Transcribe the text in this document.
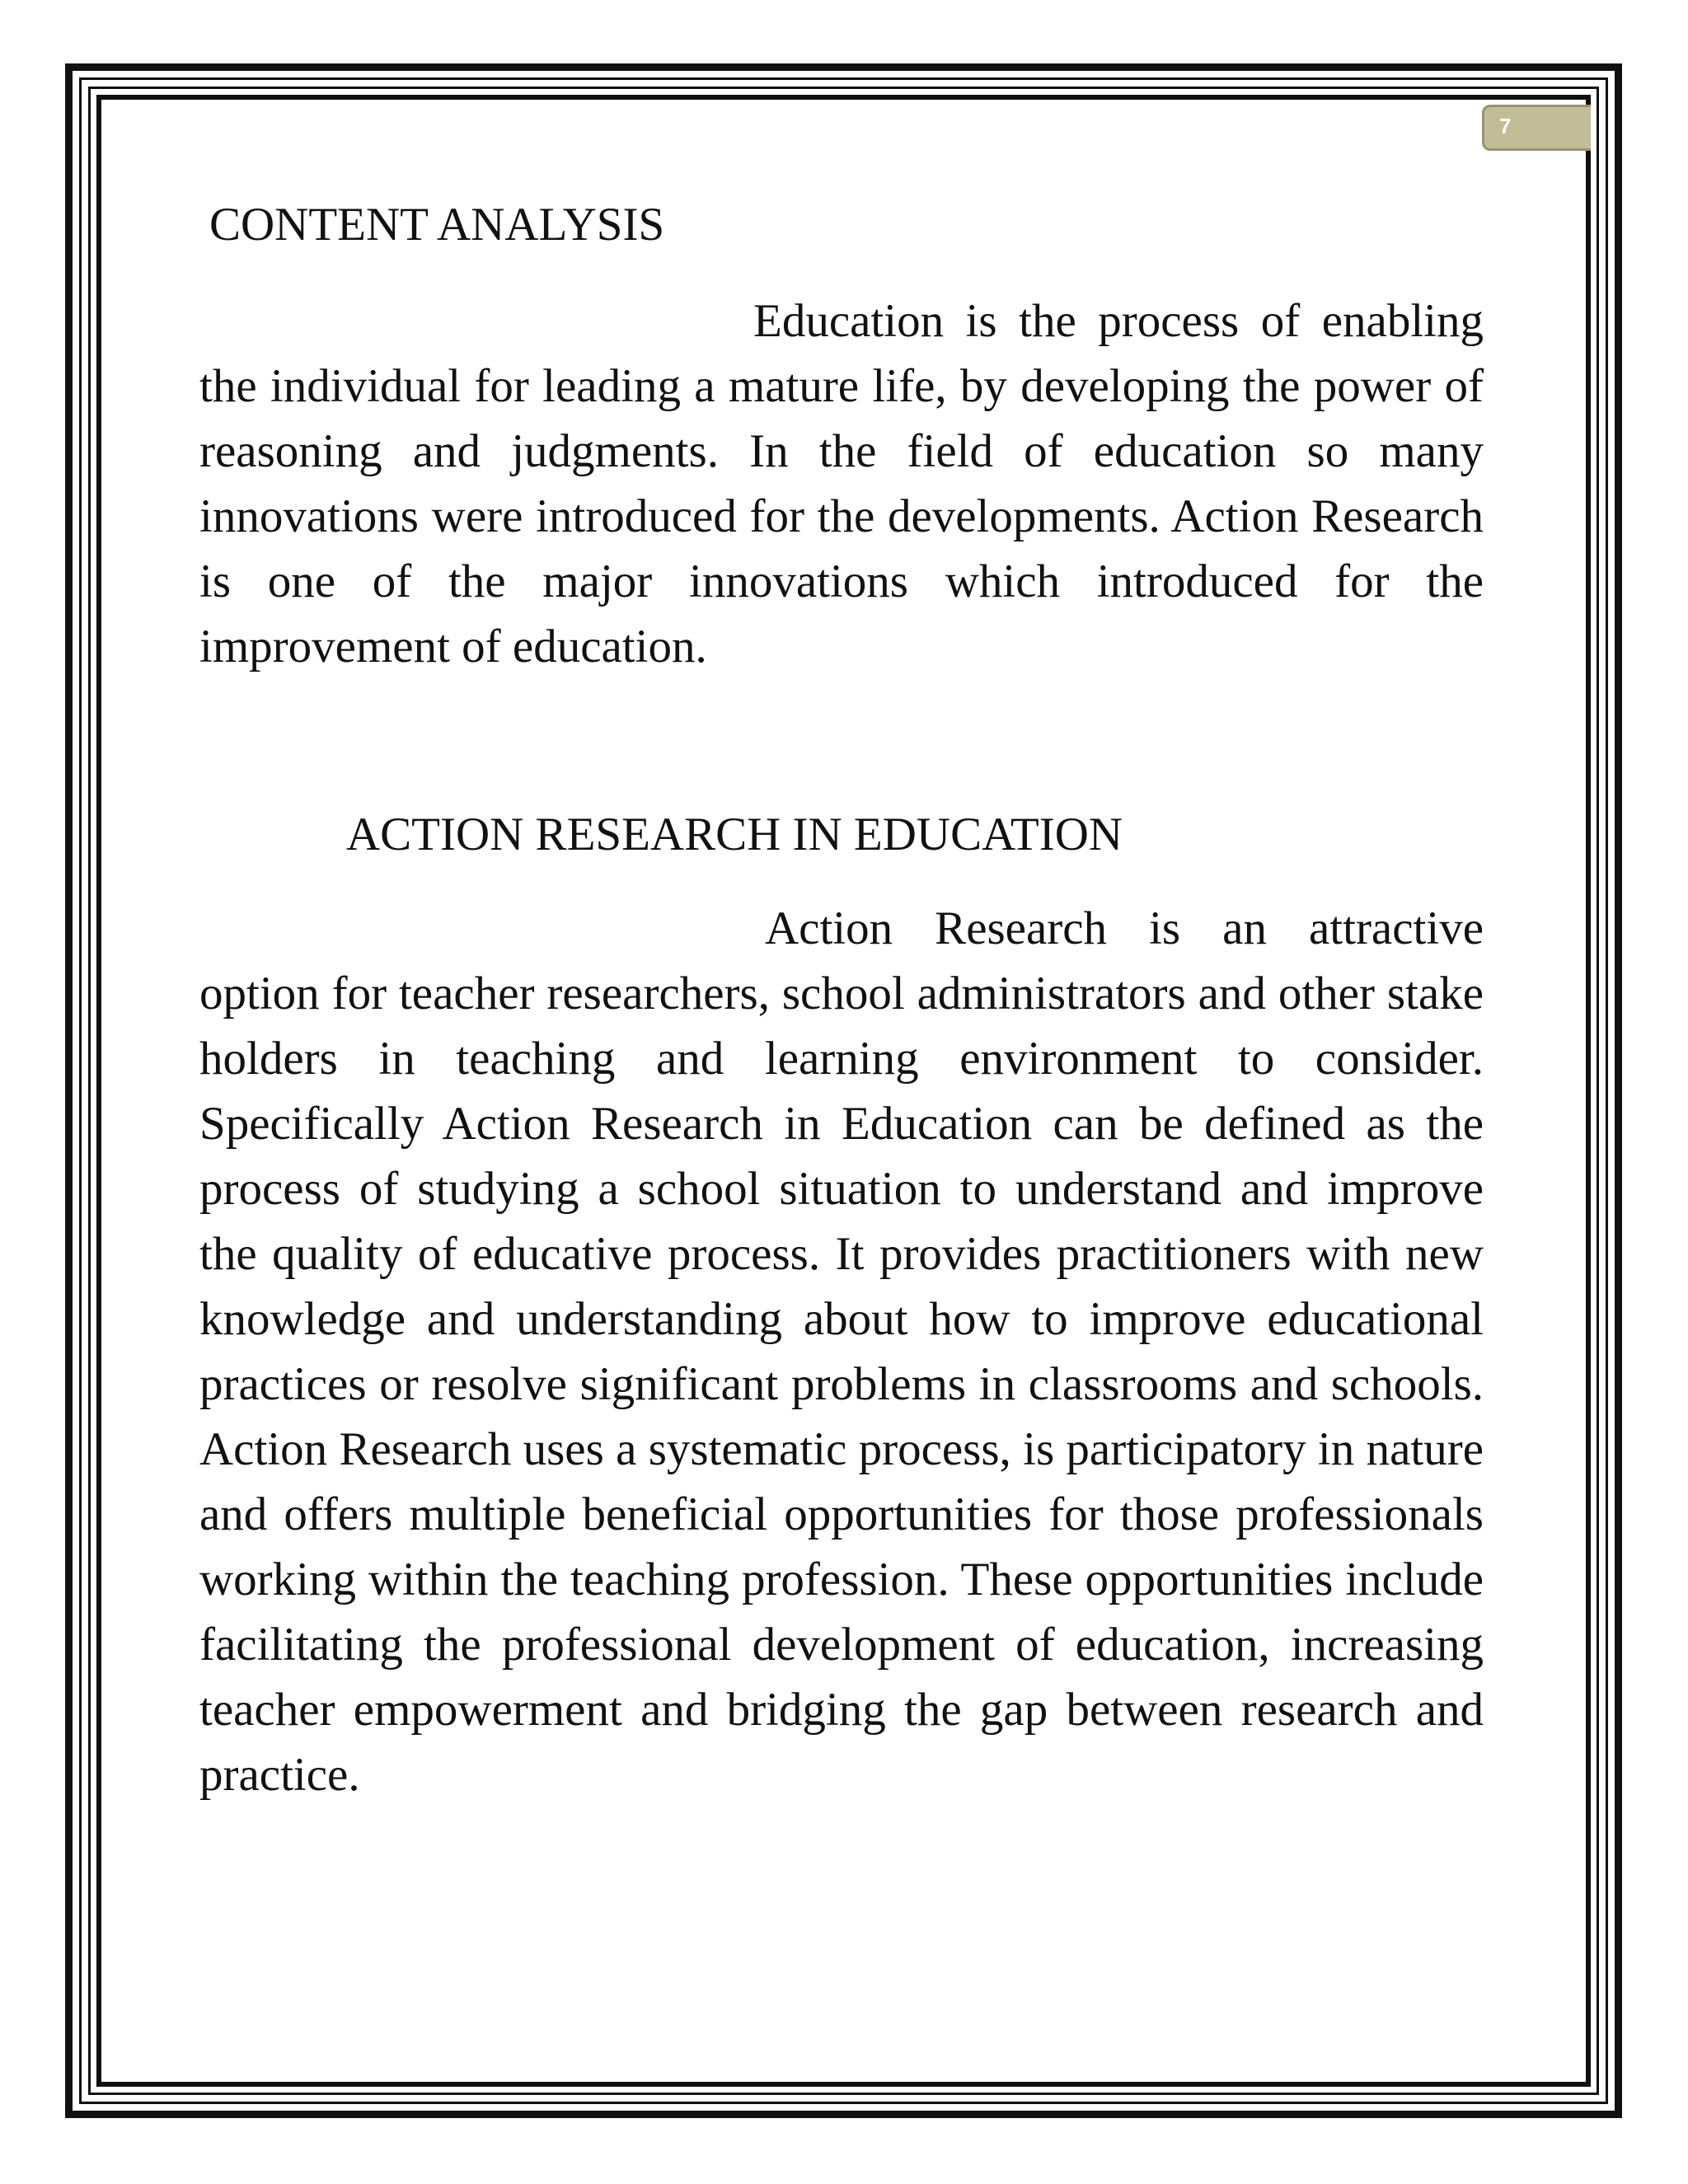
7
CONTENT ANALYSIS

Education is the process of enabling the individual for leading a mature life, by developing the power of reasoning and judgments. In the field of education so many innovations were introduced for the developments. Action Research is one of the major innovations which introduced for the improvement of education.

ACTION RESEARCH IN EDUCATION

Action Research is an attractive option for teacher researchers, school administrators and other stake holders in teaching and learning environment to consider. Specifically Action Research in Education can be defined as the process of studying a school situation to understand and improve the quality of educative process. It provides practitioners with new knowledge and understanding about how to improve educational practices or resolve significant problems in classrooms and schools. Action Research uses a systematic process, is participatory in nature and offers multiple beneficial opportunities for those professionals working within the teaching profession. These opportunities include facilitating the professional development of education, increasing teacher empowerment and bridging the gap between research and practice.
